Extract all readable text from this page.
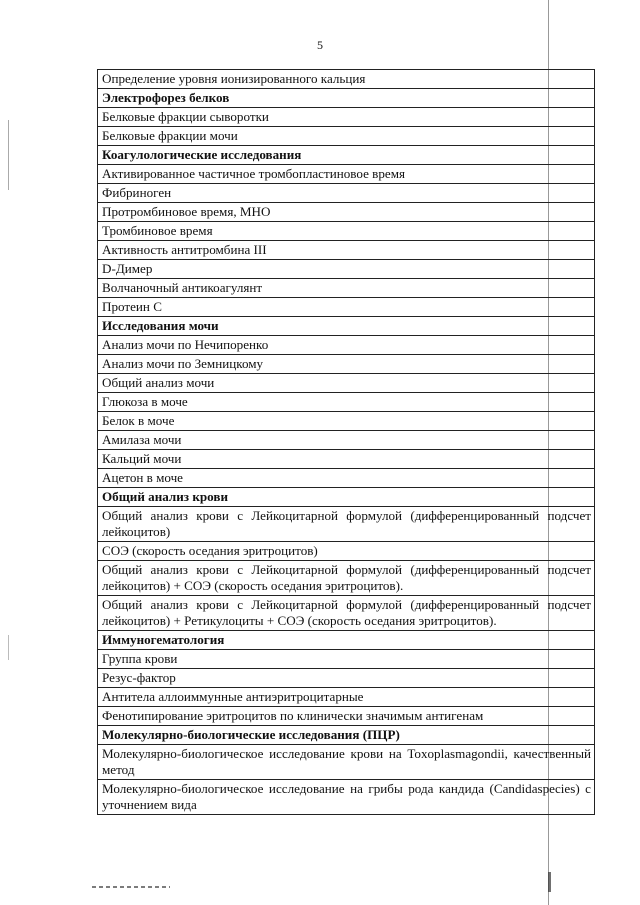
5
Определение уровня ионизированного кальция
Электрофорез белков
Белковые фракции сыворотки
Белковые фракции мочи
Коагулологические исследования
Активированное частичное тромбопластиновое время
Фибриноген
Протромбиновое время, МНО
Тромбиновое время
Активность антитромбина III
D-Димер
Волчаночный антикоагулянт
Протеин С
Исследования мочи
Анализ мочи по Нечипоренко
Анализ мочи по Земницкому
Общий анализ мочи
Глюкоза в моче
Белок в моче
Амилаза мочи
Кальций мочи
Ацетон в моче
Общий анализ крови
Общий анализ крови с Лейкоцитарной формулой (дифференцированный подсчет лейкоцитов)
СОЭ (скорость оседания эритроцитов)
Общий анализ крови с Лейкоцитарной формулой (дифференцированный подсчет лейкоцитов) + СОЭ (скорость оседания эритроцитов).
Общий анализ крови с Лейкоцитарной формулой (дифференцированный подсчет лейкоцитов) + Ретикулоциты + СОЭ (скорость оседания эритроцитов).
Иммуногематология
Группа крови
Резус-фактор
Антитела аллоиммунные антиэритроцитарные
Фенотипирование эритроцитов по клинически значимым антигенам
Молекулярно-биологические исследования (ПЦР)
Молекулярно-биологическое исследование крови на Toxoplasmagondii, качественный метод
Молекулярно-биологическое исследование на грибы рода кандида (Candidaspecies) с уточнением вида
